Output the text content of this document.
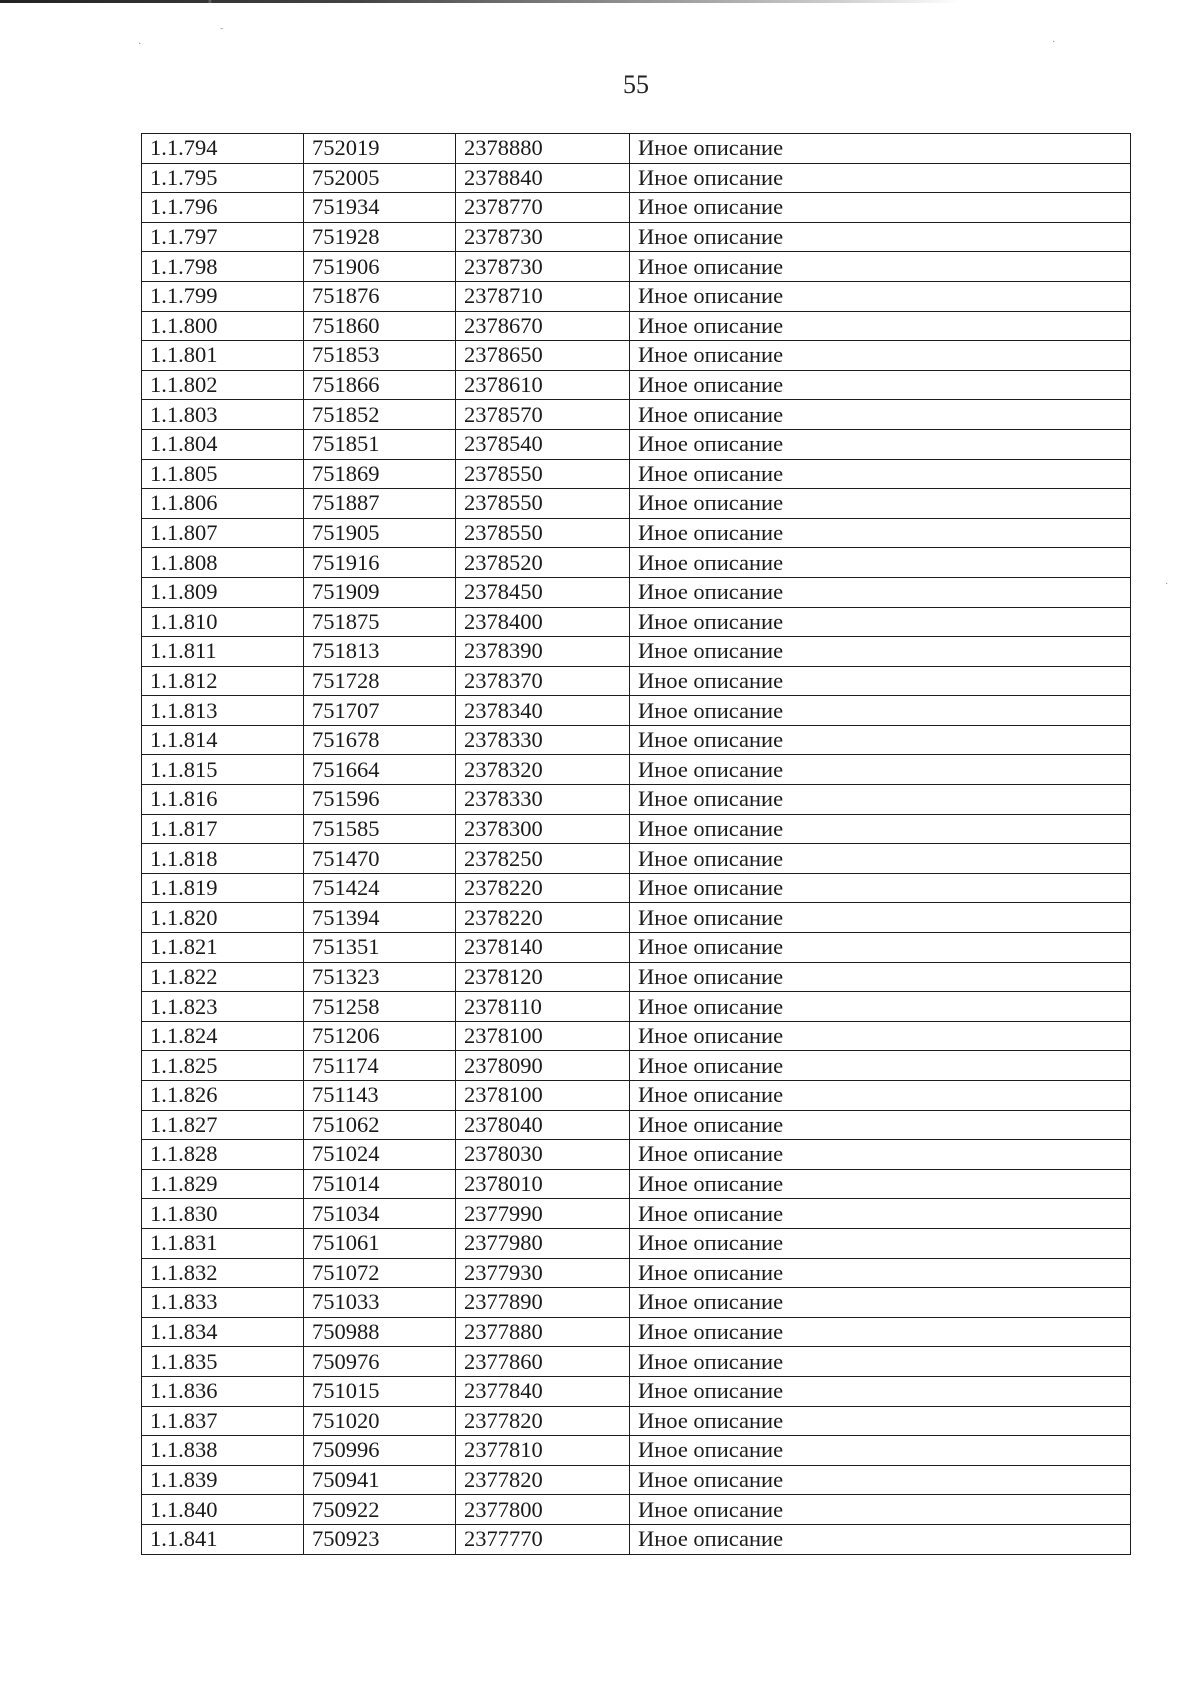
˟
˜
·	·
·
55
1.1.794	752019	2378880	Иное описание
1.1.795	752005	2378840	Иное описание
1.1.796	751934	2378770	Иное описание
1.1.797	751928	2378730	Иное описание
1.1.798	751906	2378730	Иное описание
1.1.799	751876	2378710	Иное описание
1.1.800	751860	2378670	Иное описание
1.1.801	751853	2378650	Иное описание
1.1.802	751866	2378610	Иное описание
1.1.803	751852	2378570	Иное описание
1.1.804	751851	2378540	Иное описание
1.1.805	751869	2378550	Иное описание
1.1.806	751887	2378550	Иное описание
1.1.807	751905	2378550	Иное описание
1.1.808	751916	2378520	Иное описание
1.1.809	751909	2378450	Иное описание
1.1.810	751875	2378400	Иное описание
1.1.811	751813	2378390	Иное описание
1.1.812	751728	2378370	Иное описание
1.1.813	751707	2378340	Иное описание
1.1.814	751678	2378330	Иное описание
1.1.815	751664	2378320	Иное описание
1.1.816	751596	2378330	Иное описание
1.1.817	751585	2378300	Иное описание
1.1.818	751470	2378250	Иное описание
1.1.819	751424	2378220	Иное описание
1.1.820	751394	2378220	Иное описание
1.1.821	751351	2378140	Иное описание
1.1.822	751323	2378120	Иное описание
1.1.823	751258	2378110	Иное описание
1.1.824	751206	2378100	Иное описание
1.1.825	751174	2378090	Иное описание
1.1.826	751143	2378100	Иное описание
1.1.827	751062	2378040	Иное описание
1.1.828	751024	2378030	Иное описание
1.1.829	751014	2378010	Иное описание
1.1.830	751034	2377990	Иное описание
1.1.831	751061	2377980	Иное описание
1.1.832	751072	2377930	Иное описание
1.1.833	751033	2377890	Иное описание
1.1.834	750988	2377880	Иное описание
1.1.835	750976	2377860	Иное описание
1.1.836	751015	2377840	Иное описание
1.1.837	751020	2377820	Иное описание
1.1.838	750996	2377810	Иное описание
1.1.839	750941	2377820	Иное описание
1.1.840	750922	2377800	Иное описание
1.1.841	750923	2377770	Иное описание
